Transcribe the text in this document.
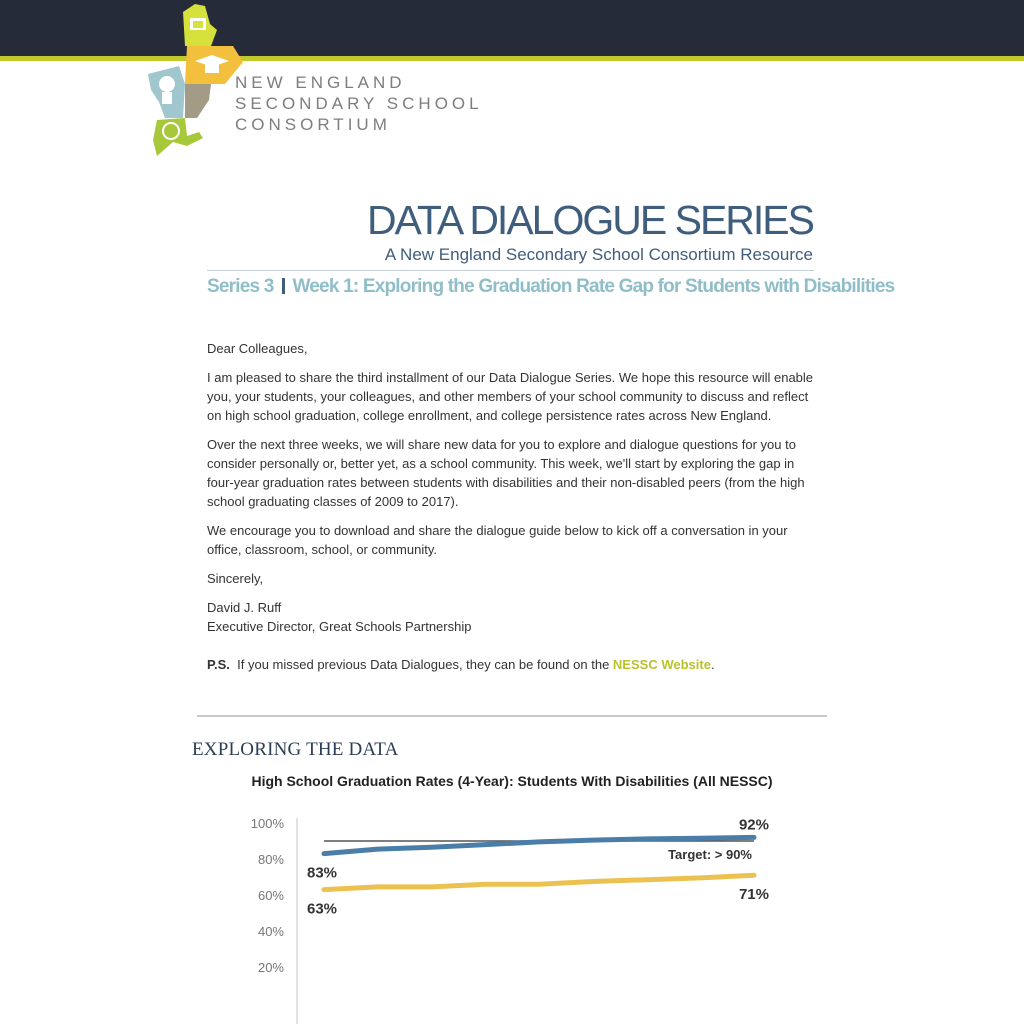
NEW ENGLAND
SECONDARY SCHOOL
CONSORTIUM
DATA DIALOGUE SERIES

A New England Secondary School Consortium Resource

Series 3 Week 1: Exploring the Graduation Rate Gap for Students with Disabilities

Dear Colleagues,

I am pleased to share the third installment of our Data Dialogue Series. We hope this resource will enable you, your students, your colleagues, and other members of your school community to discuss and reflect on high school graduation, college enrollment, and college persistence rates across New England.

Over the next three weeks, we will share new data for you to explore and dialogue questions for you to consider personally or, better yet, as a school community. This week, we'll start by exploring the gap in four-year graduation rates between students with disabilities and their non-disabled peers (from the high school graduating classes of 2009 to 2017).

We encourage you to download and share the dialogue guide below to kick off a conversation in your office, classroom, school, or community.

Sincerely,

David J. Ruff
Executive Director, Great Schools Partnership

P.S. If you missed previous Data Dialogues, they can be found on the NESSC Website.

EXPLORING THE DATA

High School Graduation Rates (4-Year): Students With Disabilities (All NESSC)

100%
80%
60%
40%
20%
Target: > 90%
83%
92%
63%
71%
